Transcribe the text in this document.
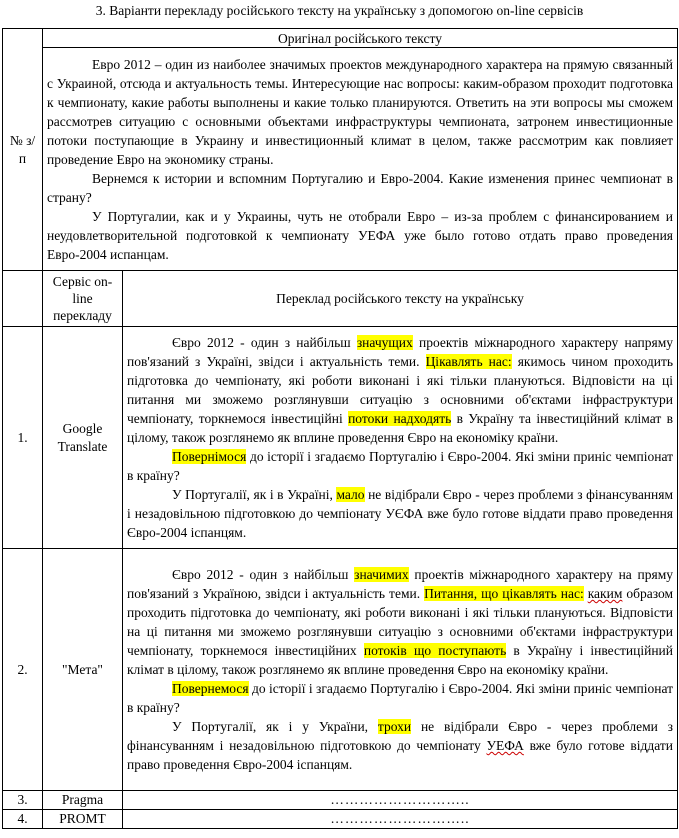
3. Варіанти перекладу російського тексту на українську з допомогою on-line сервісів
№ з/п	Оригінал російського тексту	

	Евро 2012 – один из наиболее значимых проектов международного характера на прямую связанный с Украиной, отсюда и актуальность темы. Интересующие нас вопросы: каким-образом проходит подготовка к чемпионату, какие работы выполнены и какие только планируются. Ответить на эти вопросы мы сможем рассмотрев ситуацию с основными объектами инфраструктуры чемпионата, затронем инвестиционные потоки поступающие в Украину и инвестиционный климат в целом, также рассмотрим как повлияет проведение Евро на экономику страны.

Вернемся к истории и вспомним Португалию и Евро-2004. Какие изменения принес чемпионат в страну?

У Португалии, как и у Украины, чуть не отобрали Евро – из-за проблем с финансированием и неудовлетворительной подготовкой к чемпионату УЕФА уже было готово отдать право проведения Евро-2004 испанцам.	

	Сервіс on-line перекладу	Переклад російського тексту на українську
1.	Google Translate	Євро 2012 - один з найбільш значущих проектів міжнародного характеру напряму пов'язаний з Україні, звідси і актуальність теми. Цікавлять нас: якимось чином проходить підготовка до чемпіонату, які роботи виконані і які тільки плануються. Відповісти на ці питання ми зможемо розглянувши ситуацію з основними об'єктами інфраструктури чемпіонату, торкнемося інвестиційні потоки надходять в Україну та інвестиційний клімат в цілому, також розглянемо як вплине проведення Євро на економіку країни.

Повернімося до історії і згадаємо Португалію і Євро-2004. Які зміни приніс чемпіонат в країну?

У Португалії, як і в Україні, мало не відібрали Євро - через проблеми з фінансуванням і незадовільною підготовкою до чемпіонату УЄФА вже було готове віддати право проведення Євро-2004 іспанцям.

2.	"Мета"	Євро 2012 - один з найбільш значимих проектів міжнародного характеру на пряму пов'язаний з Україною, звідси і актуальність теми. Питання, що цікавлять нас: каким образом проходить підготовка до чемпіонату, які роботи виконані і які тільки плануються. Відповісти на ці питання ми зможемо розглянувши ситуацію з основними об'єктами інфраструктури чемпіонату, торкнемося інвестиційних потоків що поступають в Україну і інвестиційний клімат в цілому, також розглянемо як вплине проведення Євро на економіку країни.

Повернемося до історії і згадаємо Португалію і Євро-2004. Які зміни приніс чемпіонат в країну?

У Португалії, як і у України, трохи не відібрали Євро - через проблеми з фінансуванням і незадовільною підготовкою до чемпіонату УЕФА вже було готове віддати право проведення Євро-2004 іспанцям.

3.	Pragma	………………………..
4.	PROMT	………………………..
